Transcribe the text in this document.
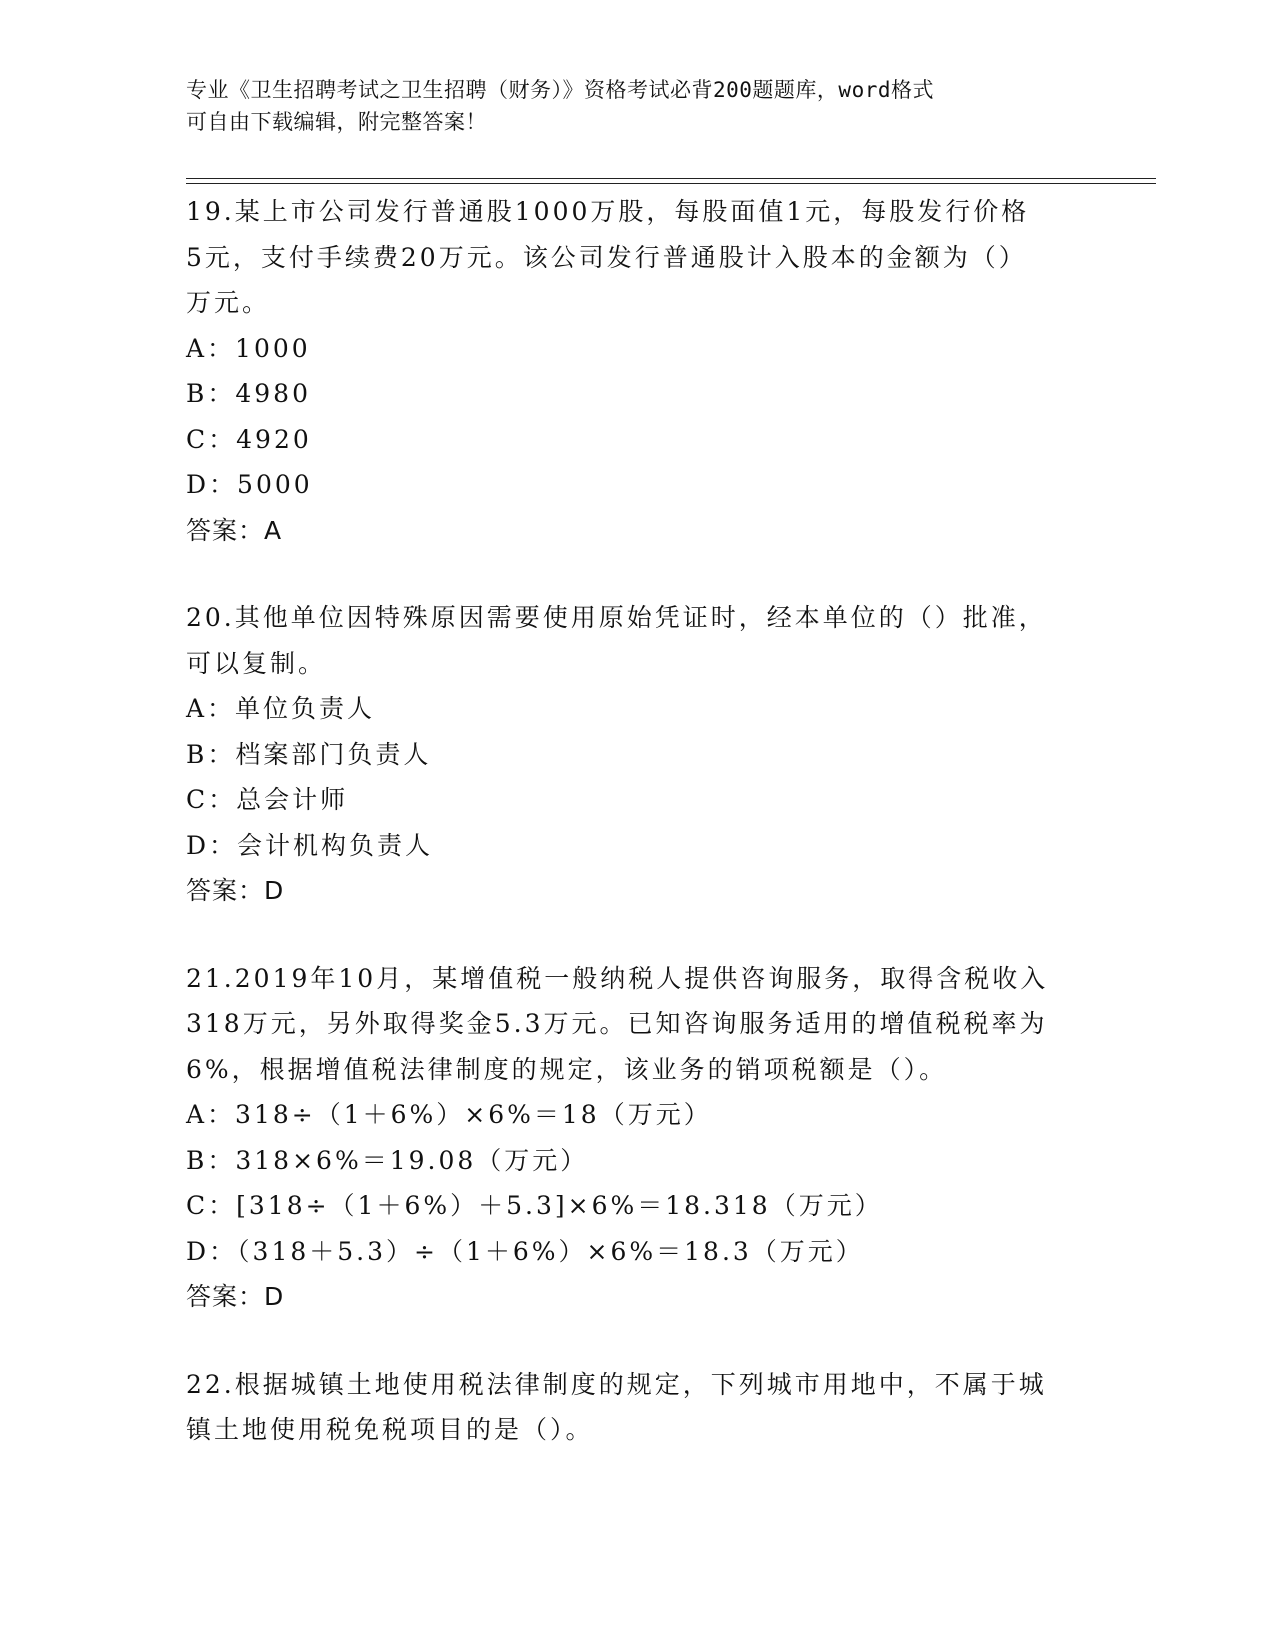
专业《卫生招聘考试之卫生招聘（财务）》资格考试必背200题题库，word格式
可自由下载编辑，附完整答案！
19.某上市公司发行普通股1000万股，每股面值1元，每股发行价格
5元，支付手续费20万元。该公司发行普通股计入股本的金额为（）
万元。
A：1000
B：4980
C：4920
D：5000
答案：A
20.其他单位因特殊原因需要使用原始凭证时，经本单位的（）批准，
可以复制。
A：单位负责人
B：档案部门负责人
C：总会计师
D：会计机构负责人
答案：D
21.2019年10月，某增值税一般纳税人提供咨询服务，取得含税收入
318万元，另外取得奖金5.3万元。已知咨询服务适用的增值税税率为
6%，根据增值税法律制度的规定，该业务的销项税额是（）。
A：318÷（1＋6%）×6%＝18（万元）
B：318×6%＝19.08（万元）
C：[318÷（1＋6%）＋5.3]×6%＝18.318（万元）
D：（318＋5.3）÷（1＋6%）×6%＝18.3（万元）
答案：D
22.根据城镇土地使用税法律制度的规定，下列城市用地中，不属于城
镇土地使用税免税项目的是（）。
